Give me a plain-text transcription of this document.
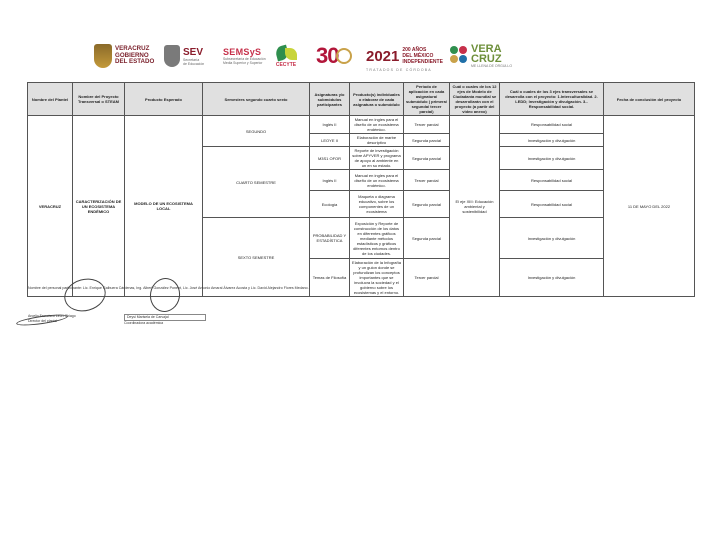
VERACRUZ
GOBIERNO
DEL ESTADO
SEV
Secretaría
de Educación
SEMSyS
Subsecretaría de Educación
Media Superior y Superior	CECYTE 30 2021 200 AÑOS
DEL MÉXICO
INDEPENDIENTE
TRATADOS DE CÓRDOBA
VERA
CRUZ
ME LLENA DE ORGULLO
Nombre del Plantel	Nombre del Proyecto Transversal o STEAM	Producto Esperado	Semestres segundo cuarto sexto	Asignaturas y/o submódulos participantes	Producto(s) individuales o elaborar de cada asignatura o submódulo	Periodo de aplicación en cada asignatura/ submódulo ( primera/ segunda/ tercer parcial)	Cuál o cuales de los 12 ejes de Modelo de Ciudadanía mundial se desarrollarán con el proyecto (a partir del video anexo)	Cuál o cuales de los 3 ejes transversales se desarrolla con el proyecto: 1.Interculturalidad. 2. LEDD; Investigación y divulgación. 3.- Responsabilidad social.	Fecha de conclusión del proyecto
VERACRUZ	CARACTERIZACIÓN DE UN ECOSISTEMA ENDÉMICO	MODELO DE UN ECOSISTEMA LOCAL	SEGUNDO	Inglés II	Manual en ingles para el diseño de un ecosistema endémico.	Tercer parcial	El eje XIII: Educación ambiental y sostenibilidad	Responsabilidad social	11 DE MAYO DEL 2022
				LEOYE II	Elaboración de marbe descriptivo	Segunda parcial		Investigación y divulgación	
			CUARTO SEMESTRE	M3S1 OFOR	Reporte de investigación sobre APYVER y programa de apoyo al ambiente en un en su estado.	Segunda parcial		Investigación y divulgación	
				Inglés II	Manual en ingles para el diseño de un ecosistema endémico.	Tercer parcial		Responsabilidad social	
				Ecología	Maqueta o diagrama educativo, sobre los componentes de un ecosistema	Segundo parcial		Responsabilidad social	
			SEXTO SEMESTRE	PROBABILIDAD Y ESTADÍSTICA	Exposición y Reporte de construcción de los datos en diferentes gráficos mediante métodos estadísticos y gráficos diferentes entornos dentro de los ciudades.	Segunda parcial		Investigación y divulgación	
				Temas de Filosofía	Elaboración de la Infografía y un guion donde se profundizan los conceptos importantes que se involucra la sociedad y el gobierno sobre los ecosistemas y el entorno.	Tercer parcial		Investigación y divulgación	
Nombre del personal participante: Lic. Enrique Galbuera Cárdenas, Ing. Albert González Ponent, Lic. José Antonio Amaral Álvarez Acosta y Lic. David Alejandro Flores Medano.
Arcelio Francisco León Chiago
Director del plantel
Deysi Marisela de Carvajal
Coordinadora académica
